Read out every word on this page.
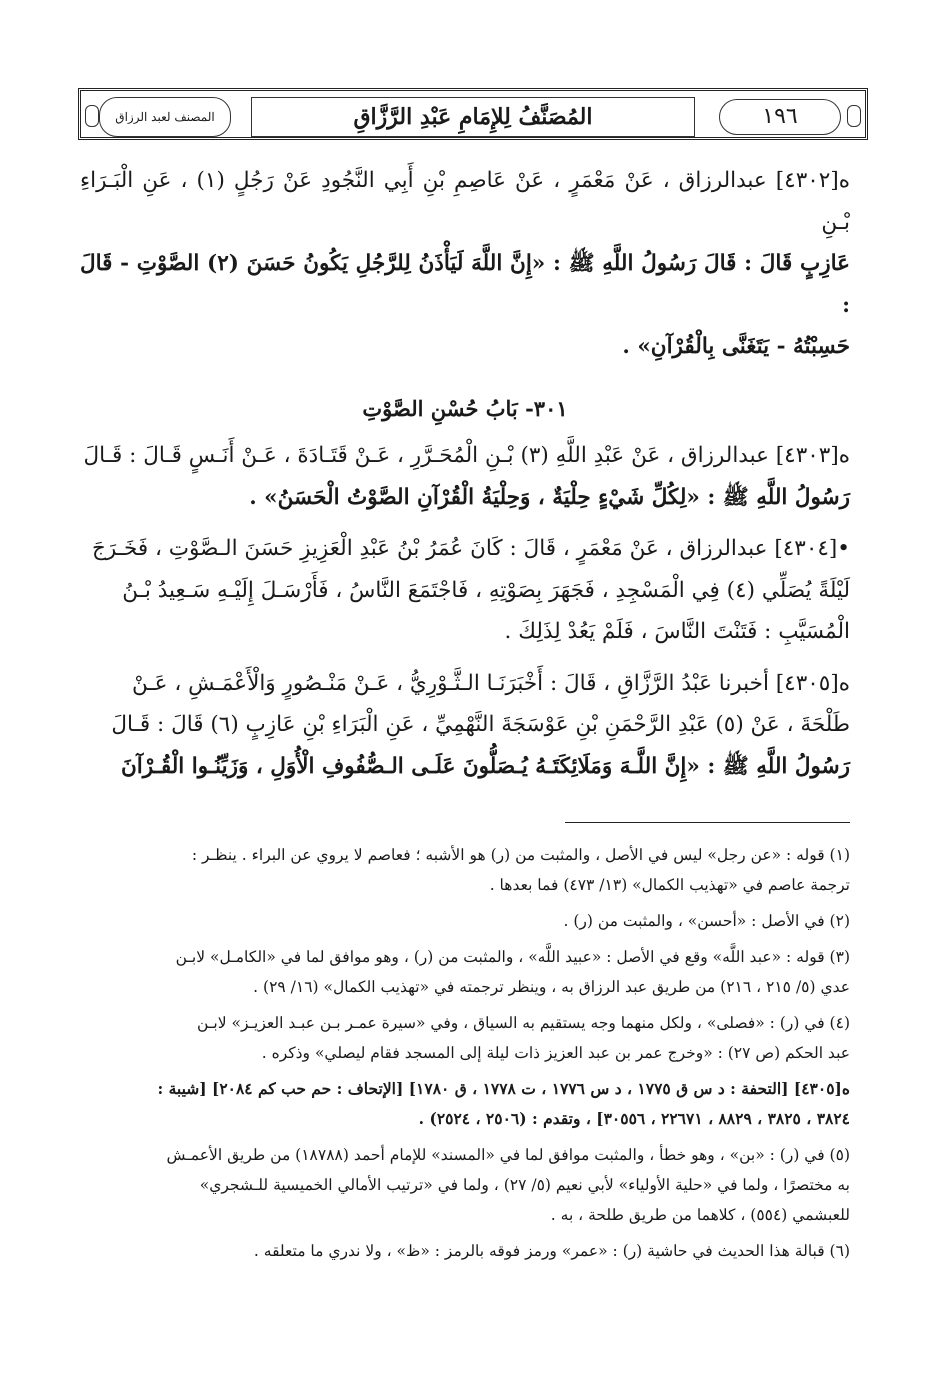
١٩٦
المُصَنَّفُ لِلإِمَامِ عَبْدِ الرَّزَّاقِ
المصنف لعبد الرزاق

ه[٤٣٠٢] عبدالرزاق ، عَنْ مَعْمَرٍ ، عَنْ عَاصِمِ بْنِ أَبِي النَّجُودِ عَنْ رَجُلٍ (١) ، عَنِ الْبَـرَاءِ بْـنِ
عَازِبٍ قَالَ : قَالَ رَسُولُ اللَّهِ ﷺ : «إِنَّ اللَّهَ لَيَأْذَنُ لِلرَّجُلِ يَكُونُ حَسَنَ (٢) الصَّوْتِ - قَالَ :
حَسِبْتُهُ - يَتَغَنَّى بِالْقُرْآنِ» .

٣٠١- بَابُ حُسْنِ الصَّوْتِ

ه[٤٣٠٣] عبدالرزاق ، عَنْ عَبْدِ اللَّهِ (٣) بْـنِ الْمُحَـرَّرِ ، عَـنْ قَتَـادَةَ ، عَـنْ أَنَـسٍ قَـالَ : قَـالَ
رَسُولُ اللَّهِ ﷺ : «لِكُلِّ شَيْءٍ حِلْيَةٌ ، وَحِلْيَةُ الْقُرْآنِ الصَّوْتُ الْحَسَنُ» .

•[٤٣٠٤] عبدالرزاق ، عَنْ مَعْمَرٍ ، قَالَ : كَانَ عُمَرُ بْنُ عَبْدِ الْعَزِيزِ حَسَنَ الـصَّوْتِ ، فَخَـرَجَ
لَيْلَةً يُصَلِّي (٤) فِي الْمَسْجِدِ ، فَجَهَرَ بِصَوْتِهِ ، فَاجْتَمَعَ النَّاسُ ، فَأَرْسَـلَ إِلَيْـهِ سَـعِيدُ بْـنُ
الْمُسَيَّبِ : فَتَنْتَ النَّاسَ ، فَلَمْ يَعُدْ لِذَلِكَ .

ه[٤٣٠٥] أخبرنا عَبْدُ الرَّزَّاقِ ، قَالَ : أَخْبَرَنَـا الـثَّـوْرِيُّ ، عَـنْ مَنْـصُورٍ وَالْأَعْمَـشِ ، عَـنْ
طَلْحَةَ ، عَنْ (٥) عَبْدِ الرَّحْمَنِ بْنِ عَوْسَجَةَ النَّهْمِيِّ ، عَنِ الْبَرَاءِ بْنِ عَازِبٍ (٦) قَالَ : قَـالَ
رَسُولُ اللَّهِ ﷺ : «إِنَّ اللَّـهَ وَمَلَائِكَتَـهُ يُـصَلُّونَ عَلَـى الـصُّفُوفِ الْأُوَلِ ، وَزَيِّنُـوا الْقُـرْآنَ

(١) قوله : «عن رجل» ليس في الأصل ، والمثبت من (ر) هو الأشبه ؛ فعاصم لا يروي عن البراء . ينظـر :
ترجمة عاصم في «تهذيب الكمال» (١٣/ ٤٧٣) فما بعدها .

(٢) في الأصل : «أحسن» ، والمثبت من (ر) .

(٣) قوله : «عبد اللَّه» وقع في الأصل : «عبيد اللَّه» ، والمثبت من (ر) ، وهو موافق لما في «الكامـل» لابـن
عدي (٥/ ٢١٥ ، ٢١٦) من طريق عبد الرزاق به ، وينظر ترجمته في «تهذيب الكمال» (١٦/ ٢٩) .

(٤) في (ر) : «فصلى» ، ولكل منهما وجه يستقيم به السياق ، وفي «سيرة عمـر بـن عبـد العزيـز» لابـن
عبد الحكم (ص ٢٧) : «وخرج عمر بن عبد العزيز ذات ليلة إلى المسجد فقام ليصلي» وذكره .

ه[٤٣٠٥] [التحفة : د س ق ١٧٧٥ ، د س ١٧٧٦ ، ت ١٧٧٨ ، ق ١٧٨٠] [الإتحاف : حم حب كم ٢٠٨٤] [شيبة :
٣٨٢٤ ، ٣٨٢٥ ، ٨٨٢٩ ، ٢٢٦٧١ ، ٣٠٥٥٦] ، وتقدم : (٢٥٠٦ ، ٢٥٢٤) .

(٥) في (ر) : «بن» ، وهو خطأ ، والمثبت موافق لما في «المسند» للإمام أحمد (١٨٧٨٨) من طريق الأعمـش
به مختصرًا ، ولما في «حلية الأولياء» لأبي نعيم (٥/ ٢٧) ، ولما في «ترتيب الأمالي الخميسية للـشجري»
للعبشمي (٥٥٤) ، كلاهما من طريق طلحة ، به .

(٦) قبالة هذا الحديث في حاشية (ر) : «عمر» ورمز فوقه بالرمز : «ظ» ، ولا ندري ما متعلقه .
